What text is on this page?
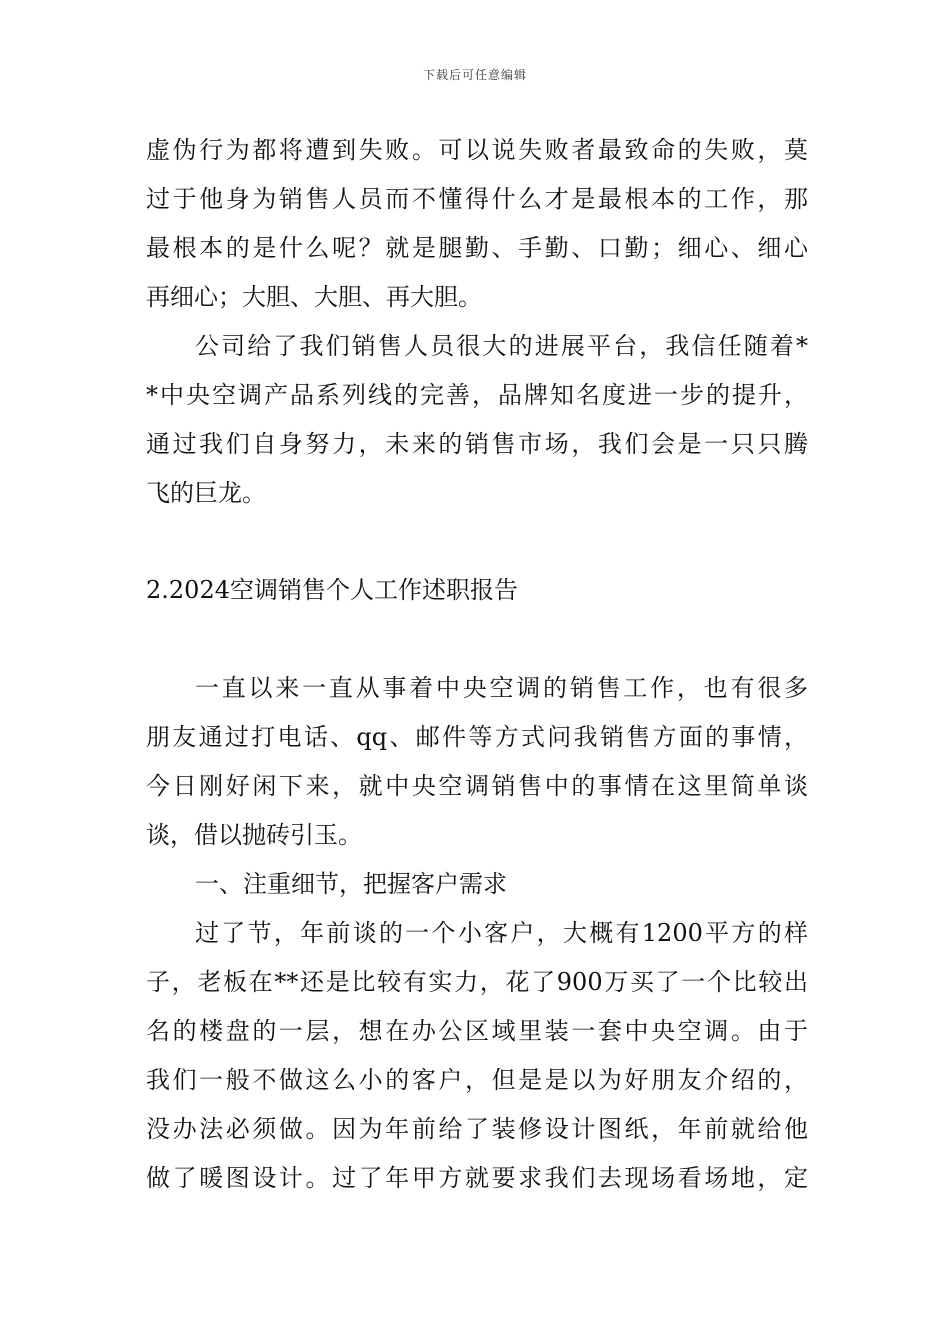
下载后可任意编辑
虚伪行为都将遭到失败。可以说失败者最致命的失败，莫
过于他身为销售人员而不懂得什么才是最根本的工作，那
最根本的是什么呢？就是腿勤、手勤、口勤；细心、细心
再细心；大胆、大胆、再大胆。
公司给了我们销售人员很大的进展平台，我信任随着*
*中央空调产品系列线的完善，品牌知名度进一步的提升，
通过我们自身努力，未来的销售市场，我们会是一只只腾
飞的巨龙。
2.2024空调销售个人工作述职报告
一直以来一直从事着中央空调的销售工作，也有很多
朋友通过打电话、qq、邮件等方式问我销售方面的事情，
今日刚好闲下来，就中央空调销售中的事情在这里简单谈
谈，借以抛砖引玉。
一、注重细节，把握客户需求
过了节，年前谈的一个小客户，大概有1200平方的样
子，老板在**还是比较有实力，花了900万买了一个比较出
名的楼盘的一层，想在办公区域里装一套中央空调。由于
我们一般不做这么小的客户，但是是以为好朋友介绍的，
没办法必须做。因为年前给了装修设计图纸，年前就给他
做了暖图设计。过了年甲方就要求我们去现场看场地，定
